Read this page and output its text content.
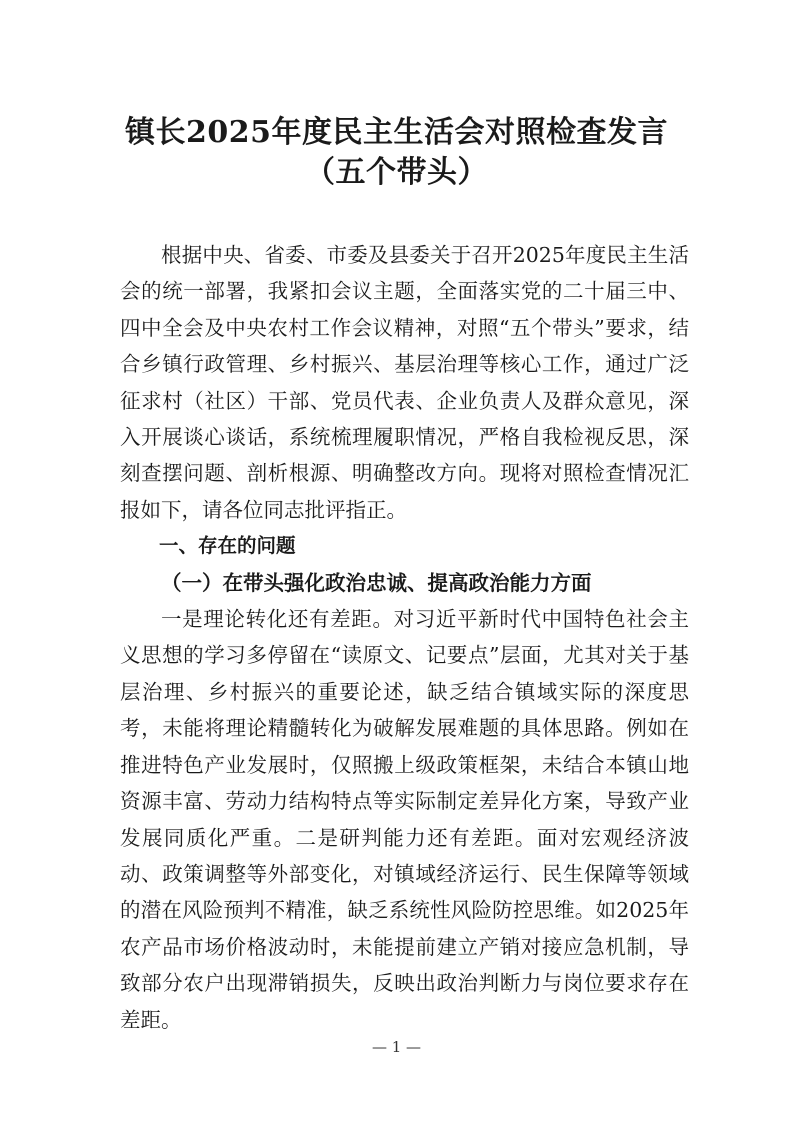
镇长2025年度民主生活会对照检查发言
（五个带头）

根据中央、省委、市委及县委关于召开2025年度民主生活会的统一部署，我紧扣会议主题，全面落实党的二十届三中、四中全会及中央农村工作会议精神，对照“五个带头”要求，结合乡镇行政管理、乡村振兴、基层治理等核心工作，通过广泛征求村（社区）干部、党员代表、企业负责人及群众意见，深入开展谈心谈话，系统梳理履职情况，严格自我检视反思，深刻查摆问题、剖析根源、明确整改方向。现将对照检查情况汇报如下，请各位同志批评指正。

一、存在的问题

（一）在带头强化政治忠诚、提高政治能力方面

一是理论转化还有差距。对习近平新时代中国特色社会主义思想的学习多停留在“读原文、记要点”层面，尤其对关于基层治理、乡村振兴的重要论述，缺乏结合镇域实际的深度思考，未能将理论精髓转化为破解发展难题的具体思路。例如在推进特色产业发展时，仅照搬上级政策框架，未结合本镇山地资源丰富、劳动力结构特点等实际制定差异化方案，导致产业发展同质化严重。二是研判能力还有差距。面对宏观经济波动、政策调整等外部变化，对镇域经济运行、民生保障等领域的潜在风险预判不精准，缺乏系统性风险防控思维。如2025年农产品市场价格波动时，未能提前建立产销对接应急机制，导致部分农户出现滞销损失，反映出政治判断力与岗位要求存在差距。

— 1 —
